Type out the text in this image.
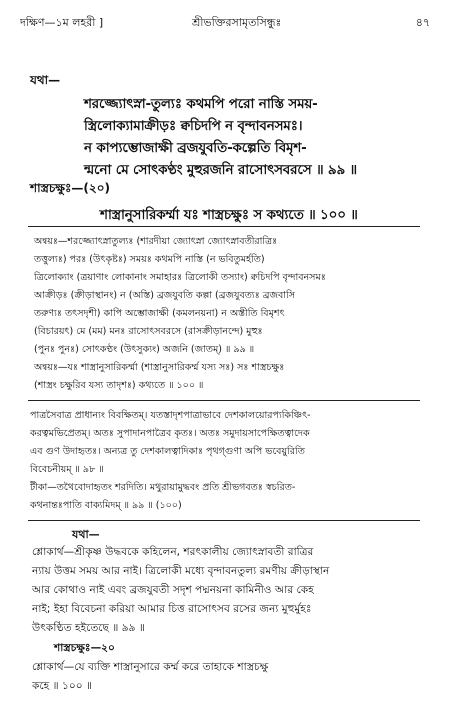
দক্ষিণ—১ম লহরী ]	শ্রীভক্তিরসামৃতসিন্ধুঃ	৪৭
যথা—
শরজ্জ্যোৎস্না-তুল্যঃ কথমপি পরো নাস্তি সময়-
স্ত্রিলোক্যামাক্রীড়ঃ ক্বচিদপি ন বৃন্দাবনসমঃ।
ন কাপ্যম্ভোজাক্ষী ব্রজযুবতি-কল্পেতি বিমৃশ-
ন্মনো মে সোৎকণ্ঠং মুহুরজনি রাসোৎসবরসে ॥ ৯৯ ॥
শাস্ত্রচক্ষুঃ—(২০)
শাস্ত্রানুসারিকর্ম্মা যঃ শাস্ত্রচক্ষুঃ স কথ্যতে ॥ ১০০ ॥
অন্বয়ঃ—শরজ্জ্যোৎস্নাতুল্যঃ (শারদীয়া জ্যোৎস্না জ্যোৎস্নাবতীরাত্রিঃ
তত্তুল্যঃ) পরঃ (উৎকৃষ্টঃ) সময়ঃ কথমপি নাস্তি (ন ভবিতুমর্হতি)
ত্রিলোক্যাং (ত্রয়াণাং লোকানাং সমাহারঃ ত্রিলোকী তস্যাং) ক্বচিদপি বৃন্দাবনসমঃ
আক্রীড়ঃ (ক্রীড়াস্থানং) ন (অস্তি) ব্রজযুবতি কল্পা (ব্রজযুবত্যঃ ব্রজবাসি
তরুণ্যঃ তৎসদৃশী) কাপি অম্ভোজাক্ষী (কমলনয়না) ন অস্তীতি বিমৃশৎ
(বিচারয়ৎ) মে (মম) মনঃ রাসোৎসবরসে (রাসক্রীড়ানন্দে) মুহুঃ
(পুনঃ পুনঃ) সোৎকণ্ঠং (উৎসুক্যং) অজনি (জাতম্) ॥ ৯৯ ॥
অন্বয়ঃ—যঃ শাস্ত্রানুসারিকর্ম্মা (শাস্ত্রানুসারিকর্ম্ম যস্য সঃ) সঃ শাস্ত্রচক্ষুঃ
(শাস্ত্রং চক্ষুরিব যস্য তাদৃশঃ) কথ্যতে ॥ ১০০ ॥
পাত্রসৈবাত্র প্রাধান্যং বিবক্ষিতম্। যতস্তাদৃশপাত্রাভাবে দেশকালয়োরপ্যকিঞ্চিৎ-
করত্বমভিপ্রেতম্। অতঃ সুপাদানপাত্রৈব কৃতঃ। অতঃ সমুদায়সাপেক্ষিতত্বাদেক
এব গুণ উদাহৃতঃ। অন্যত্র তু দেশকালত্বাদিকাঃ পৃথগ্গুণা অপি ভবেয়ুরিতি
বিবেচনীয়ম্ ॥ ৯৮ ॥
টীকা—তথৈবোদাহৃতং শরদিতি। মথুরায়ামুদ্ধবং প্রতি শ্রীভগবতঃ স্বচরিত-
কথনান্তঃপাতি বাক্যমিদম্ ॥ ৯৯ ॥ (১০০)
যথা—
শ্লোকার্থ—শ্রীকৃষ্ণ উদ্ধবকে কহিলেন, শরৎকালীয় জ্যোৎস্নাবতী রাত্রির
ন্যায় উত্তম সময় আর নাই। ত্রিলোকী মধ্যে বৃন্দাবনতুল্য রমণীয় ক্রীড়াস্থান
আর কোথাও নাই এবং ব্রজযুবতী সদৃশ পদ্মনয়না কামিনীও আর কেহ
নাই; ইহা বিবেচনা করিয়া আমার চিত্ত রাসোৎসব রসের জন্য মুহুর্মুহঃ
উৎকণ্ঠিত হইতেছে ॥ ৯৯ ॥
শাস্ত্রচক্ষুঃ—২০
শ্লোকার্থ—যে ব্যক্তি শাস্ত্রানুসারে কর্ম্ম করে তাহাকে শাস্ত্রচক্ষু
কহে ॥ ১০০ ॥
